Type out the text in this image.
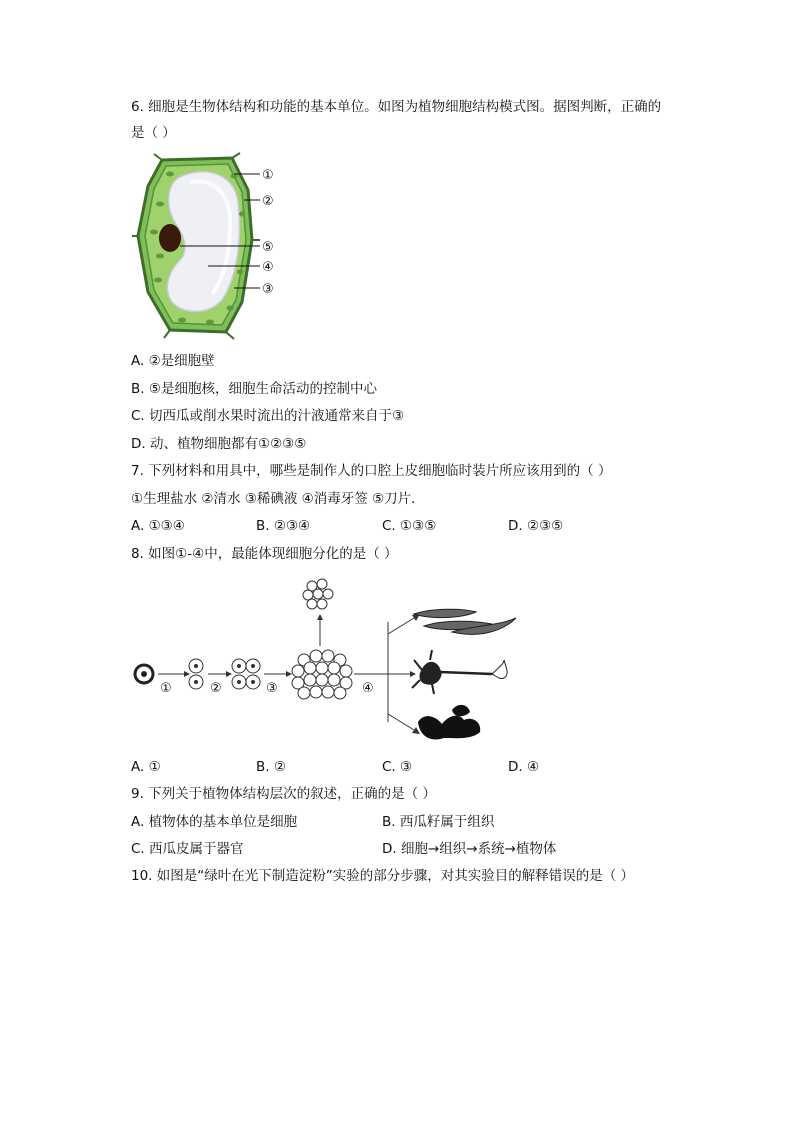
6. 细胞是生物体结构和功能的基本单位。如图为植物细胞结构模式图。据图判断，正确的
是（ ）
①
②
⑤
④
③
A. ②是细胞壁
B. ⑤是细胞核，细胞生命活动的控制中心
C. 切西瓜或削水果时流出的汁液通常来自于③
D. 动、植物细胞都有①②③⑤
7. 下列材料和用具中，哪些是制作人的口腔上皮细胞临时装片所应该用到的（ ）
①生理盐水 ②清水 ③稀碘液 ④消毒牙签 ⑤刀片．
A. ①③④	B. ②③④	C. ①③⑤	D. ②③⑤
8. 如图①-④中，最能体现细胞分化的是（ ）
①	②	③	④
A. ①	B. ②	C. ③	D. ④
9. 下列关于植物体结构层次的叙述，正确的是（ ）
A. 植物体的基本单位是细胞	B. 西瓜籽属于组织
C. 西瓜皮属于器官	D. 细胞→组织→系统→植物体
10. 如图是“绿叶在光下制造淀粉”实验的部分步骤，对其实验目的解释错误的是（ ）
